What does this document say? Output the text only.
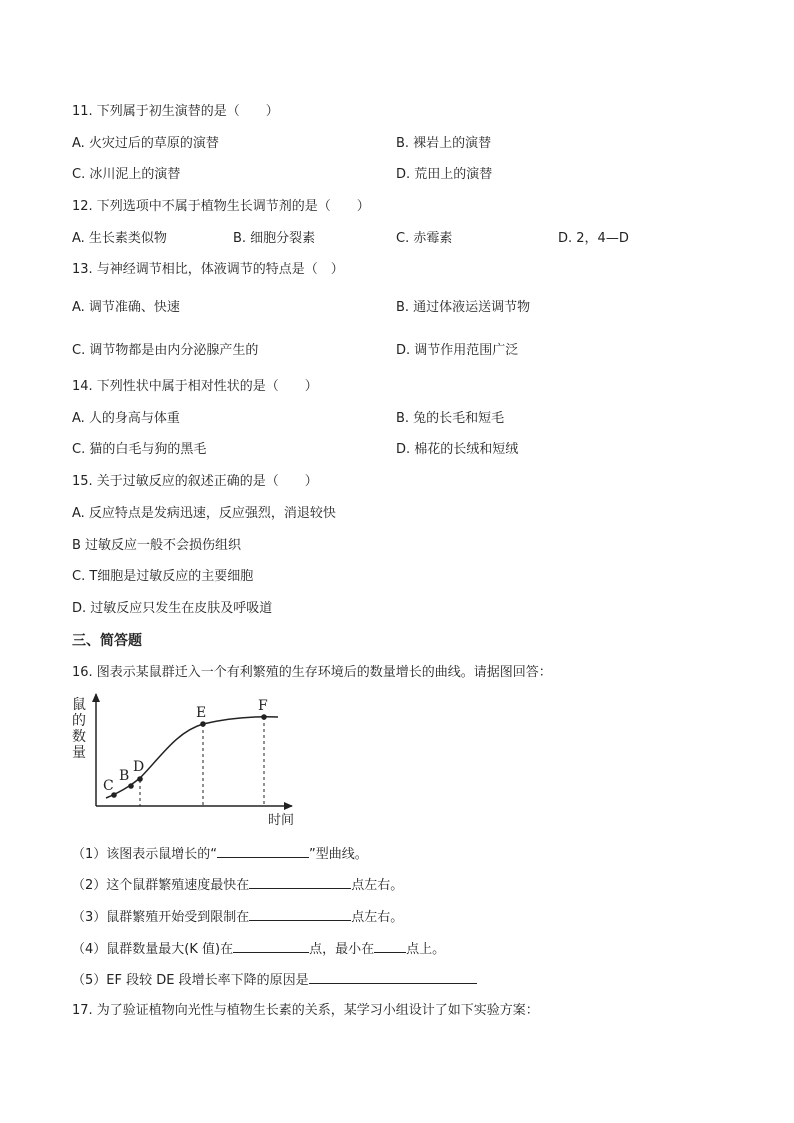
11. 下列属于初生演替的是（　　）
A. 火灾过后的草原的演替	B. 裸岩上的演替
C. 冰川泥上的演替	D. 荒田上的演替
12. 下列选项中不属于植物生长调节剂的是（　　）
A. 生长素类似物	B. 细胞分裂素	C. 赤霉素	D. 2，4—D
13. 与神经调节相比，体液调节的特点是（　）
A. 调节准确、快速	B. 通过体液运送调节物
C. 调节物都是由内分泌腺产生的	D. 调节作用范围广泛
14. 下列性状中属于相对性状的是（　　）
A. 人的身高与体重	B. 兔的长毛和短毛
C. 猫的白毛与狗的黑毛	D. 棉花的长绒和短绒
15. 关于过敏反应的叙述正确的是（　　）
A. 反应特点是发病迅速，反应强烈，消退较快
B 过敏反应一般不会损伤组织
C. T细胞是过敏反应的主要细胞
D. 过敏反应只发生在皮肤及呼吸道
三、简答题
16. 图表示某鼠群迁入一个有利繁殖的生存环境后的数量增长的曲线。请据图回答：
鼠
的
数
量
C
B
D
E	F
时间
（1）该图表示鼠增长的“	”型曲线。
（2）这个鼠群繁殖速度最快在	点左右。
（3）鼠群繁殖开始受到限制在	点左右。
（4）鼠群数量最大(K 值)在	点，最小在 点上。
（5）EF 段较 DE 段增长率下降的原因是
17. 为了验证植物向光性与植物生长素的关系，某学习小组设计了如下实验方案：
